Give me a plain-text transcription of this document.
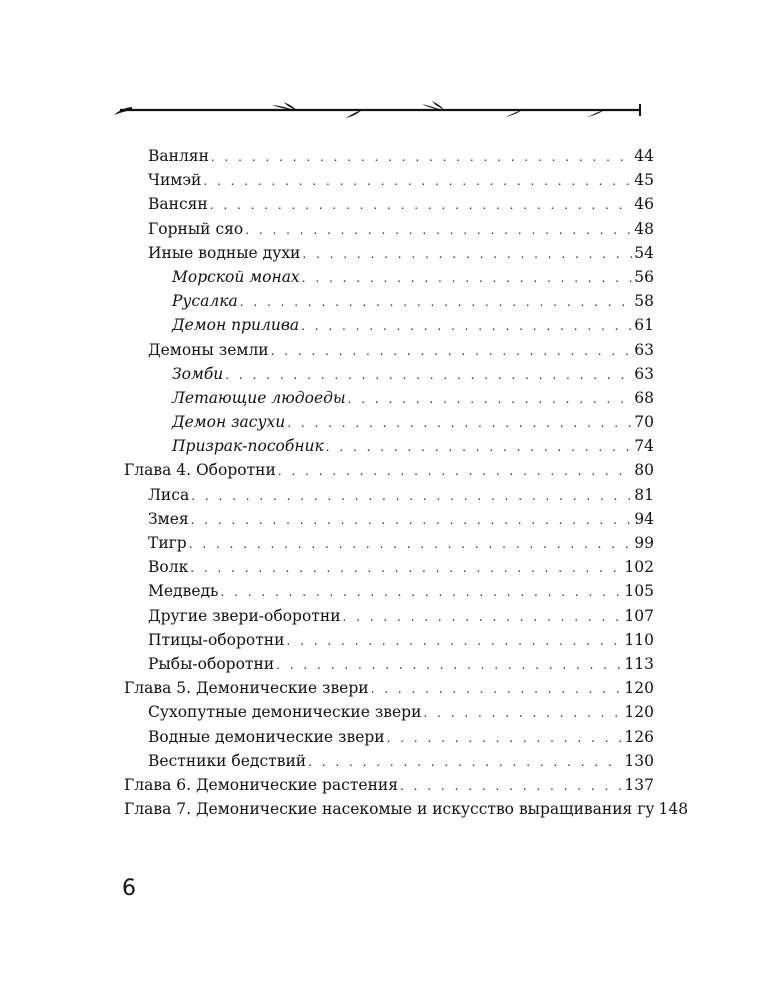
Ванлян . . .	44
Чимэй . . .	45
Вансян . . .	46
Горный сяо . . .	48
Иные водные духи . . .	54
Морской монах . . .	56
Русалка . . .	58
Демон прилива . . .	61
Демоны земли . . .	63
Зомби . . .	63
Летающие людоеды . . .	68
Демон засухи . . .	70
Призрак-пособник . . .	74
Глава 4. Оборотни . . .	80
Лиса . . .	81
Змея . . .	94
Тигр . . .	99
Волк . . .	102
Медведь . . .	105
Другие звери-оборотни . . .	107
Птицы-оборотни . . .	110
Рыбы-оборотни . . .	113
Глава 5. Демонические звери . . .	120
Сухопутные демонические звери . . .	120
Водные демонические звери . . .	126
Вестники бедствий . . .	130
Глава 6. Демонические растения . . .	137
Глава 7. Демонические насекомые и искусство выращивания гу 148
6
